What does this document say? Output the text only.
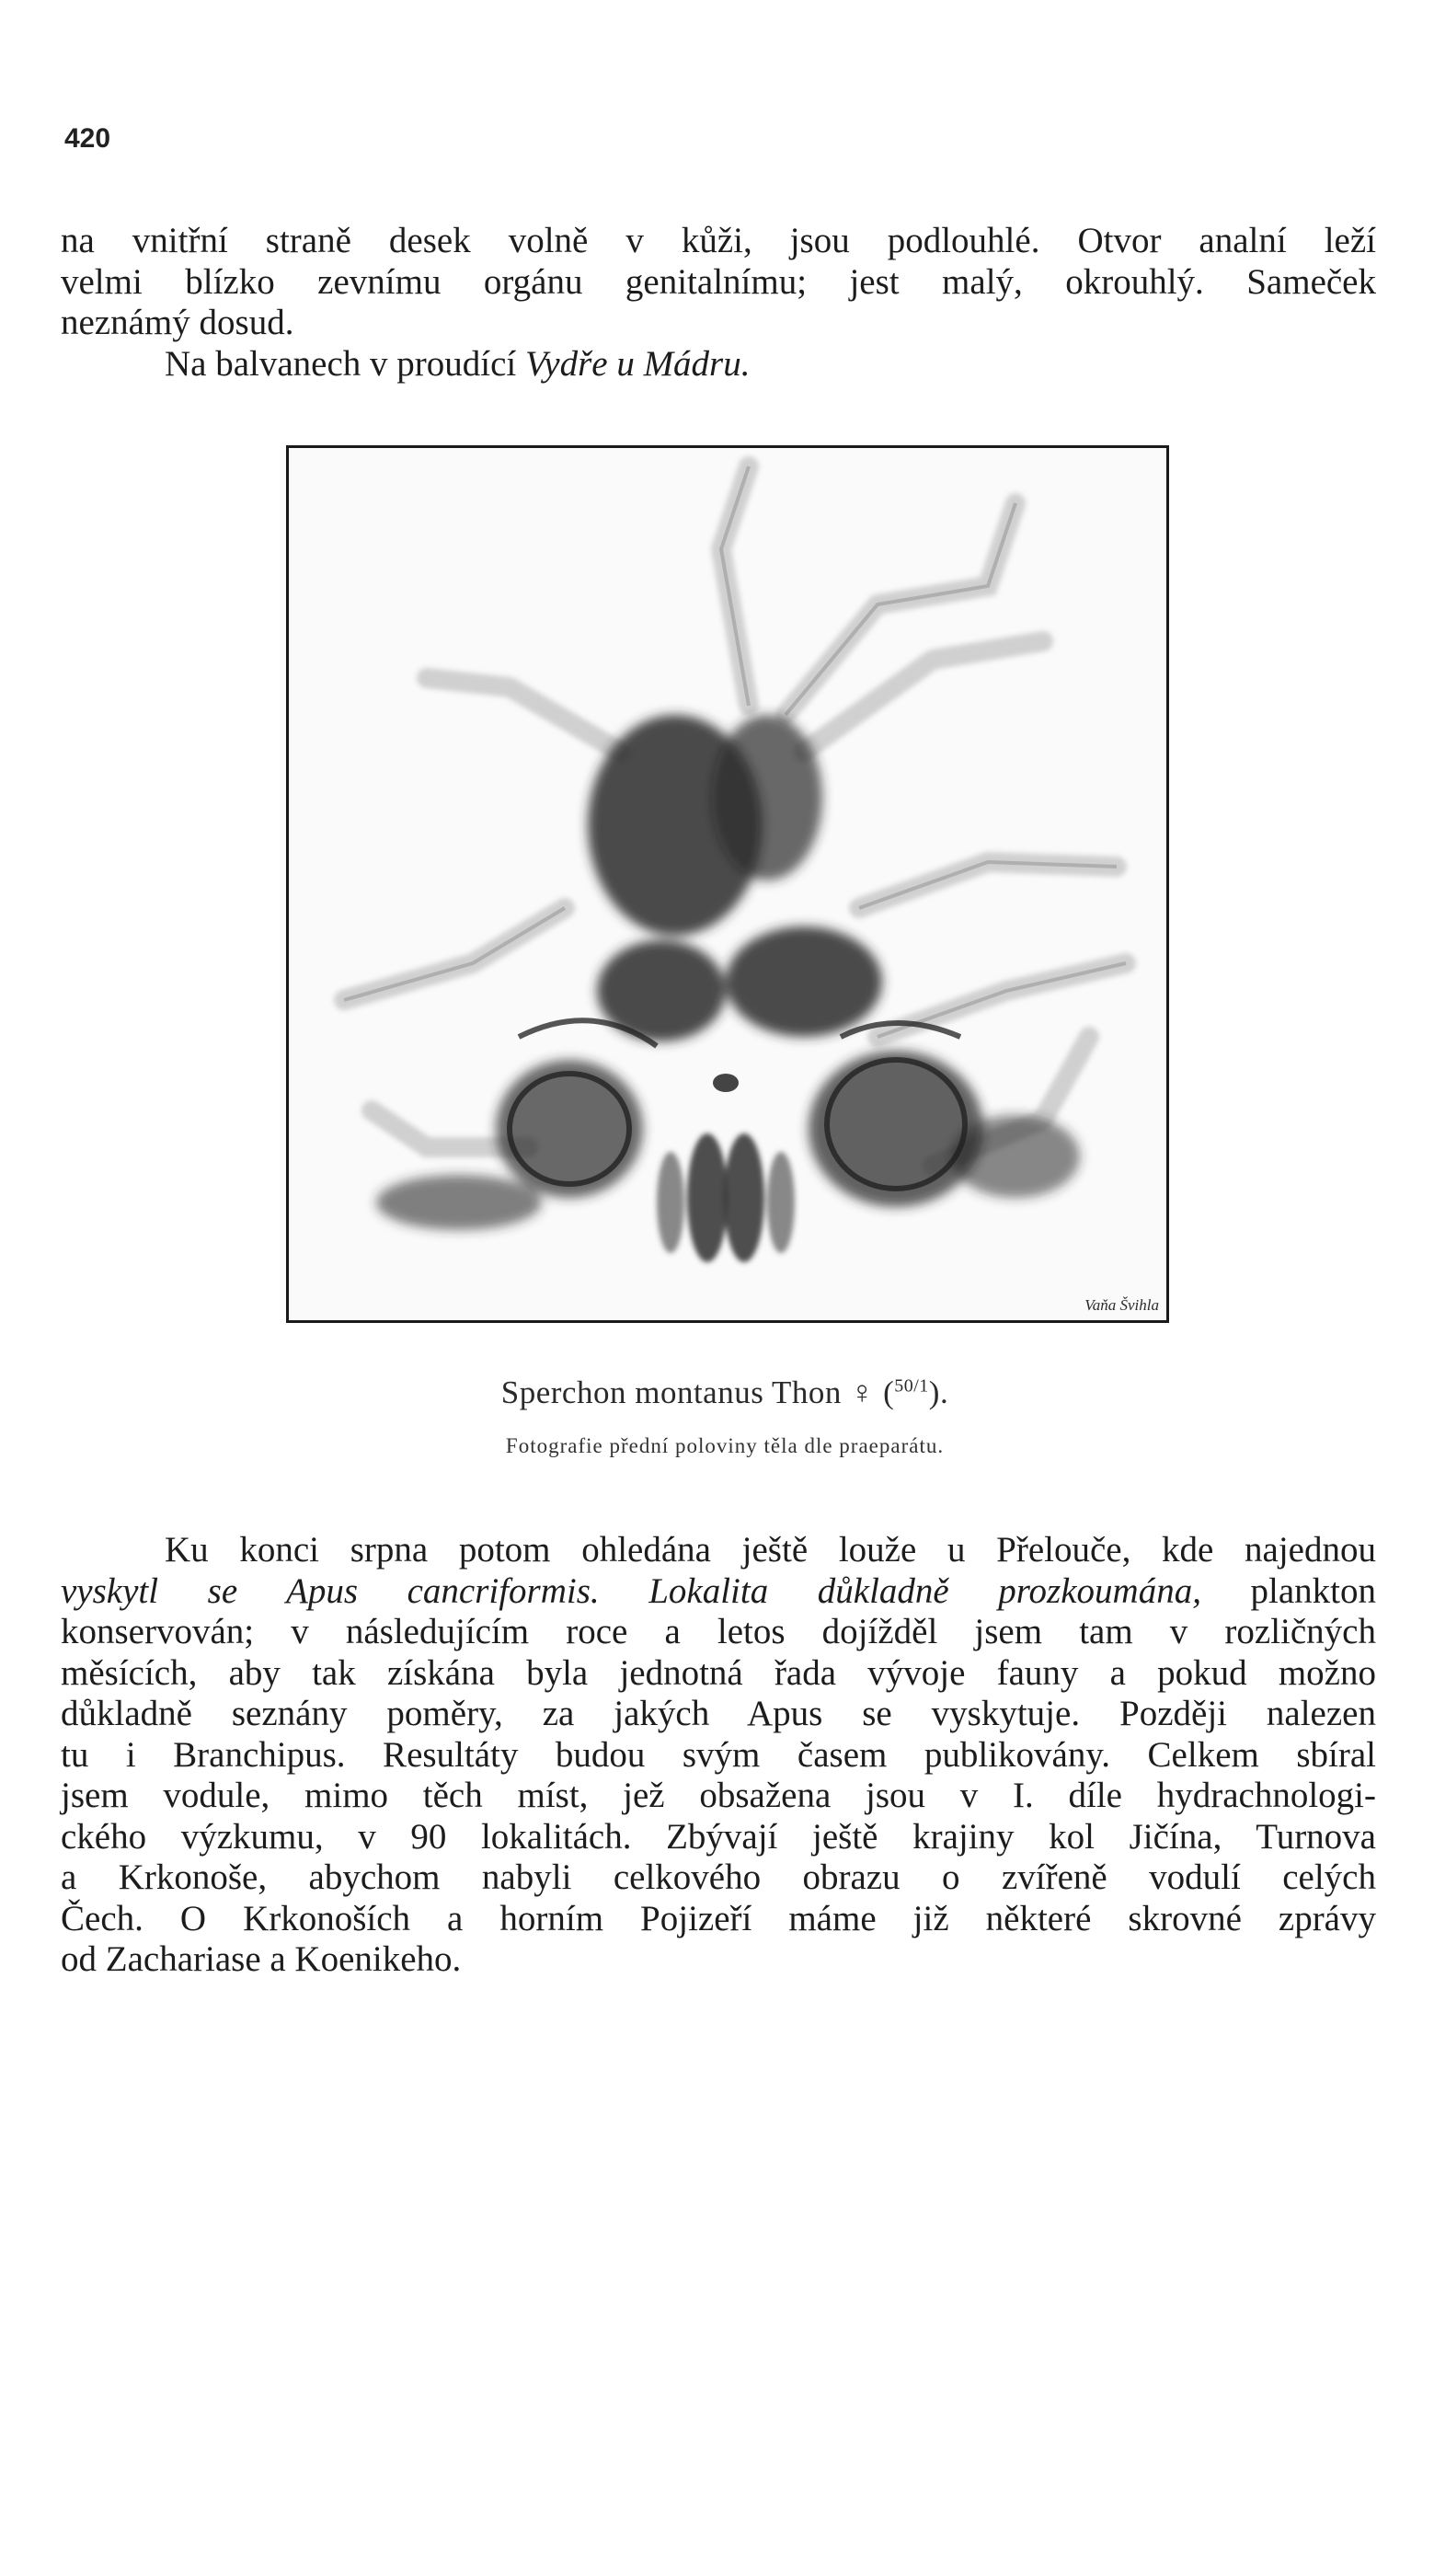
420
na vnitřní straně desek volně v kůži, jsou podlouhlé. Otvor analní leží
velmi blízko zevnímu orgánu genitalnímu; jest malý, okrouhlý. Sameček
neznámý dosud.
Na balvanech v proudící Vydře u Mádru.
Vaňa Švihla
Sperchon montanus Thon ♀ ($^{50/1}$).
Fotografie přední poloviny těla dle praeparátu.
Ku konci srpna potom ohledána ještě louže u Přelouče, kde najednou
vyskytl se Apus cancriformis. Lokalita důkladně prozkoumána, plankton
konservován; v následujícím roce a letos dojížděl jsem tam v rozličných
měsících, aby tak získána byla jednotná řada vývoje fauny a pokud možno
důkladně seznány poměry, za jakých Apus se vyskytuje. Později nalezen
tu i Branchipus. Resultáty budou svým časem publikovány. Celkem sbíral
jsem vodule, mimo těch míst, jež obsažena jsou v I. díle hydrachnologi-
ckého výzkumu, v 90 lokalitách. Zbývají ještě krajiny kol Jičína, Turnova
a Krkonoše, abychom nabyli celkového obrazu o zvířeně vodulí celých
Čech. O Krkonoších a horním Pojizeří máme již některé skrovné zprávy
od Zachariase a Koenikeho.
